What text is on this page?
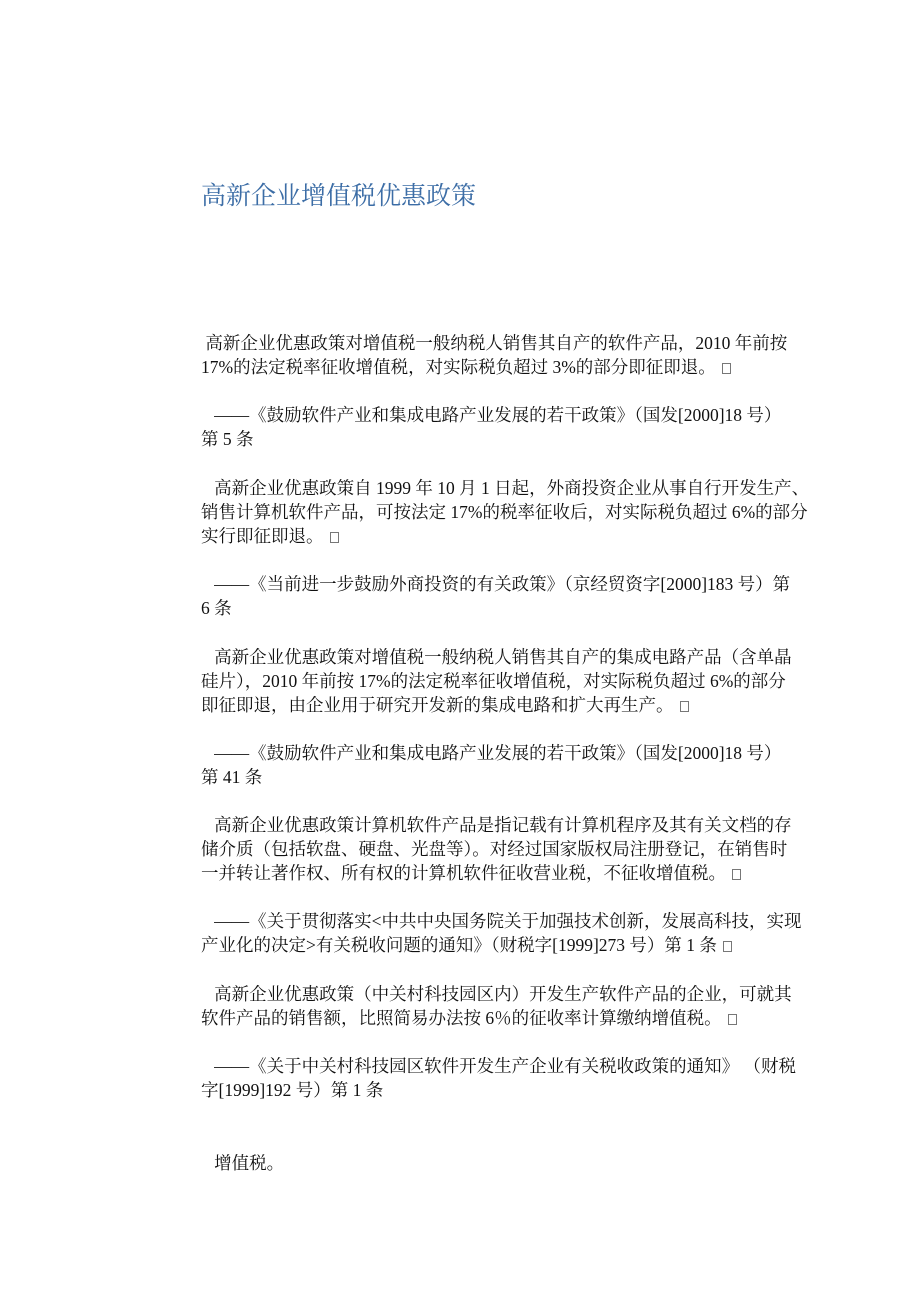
高新企业增值税优惠政策

高新企业优惠政策对增值税一般纳税人销售其自产的软件产品，2010 年前按
17%的法定税率征收增值税，对实际税负超过 3%的部分即征即退。

——《鼓励软件产业和集成电路产业发展的若干政策》（国发[2000]18 号）
第 5 条

高新企业优惠政策自 1999 年 10 月 1 日起，外商投资企业从事自行开发生产、
销售计算机软件产品，可按法定 17%的税率征收后，对实际税负超过 6%的部分
实行即征即退。

——《当前进一步鼓励外商投资的有关政策》（京经贸资字[2000]183 号）第
6 条

高新企业优惠政策对增值税一般纳税人销售其自产的集成电路产品（含单晶
硅片），2010 年前按 17%的法定税率征收增值税，对实际税负超过 6%的部分
即征即退，由企业用于研究开发新的集成电路和扩大再生产。

——《鼓励软件产业和集成电路产业发展的若干政策》（国发[2000]18 号）
第 41 条

高新企业优惠政策计算机软件产品是指记载有计算机程序及其有关文档的存
储介质（包括软盘、硬盘、光盘等）。对经过国家版权局注册登记，在销售时
一并转让著作权、所有权的计算机软件征收营业税，不征收增值税。

——《关于贯彻落实<中共中央国务院关于加强技术创新，发展高科技，实现
产业化的决定>有关税收问题的通知》（财税字[1999]273 号）第 1 条

高新企业优惠政策（中关村科技园区内）开发生产软件产品的企业，可就其
软件产品的销售额，比照简易办法按 6％的征收率计算缴纳增值税。

——《关于中关村科技园区软件开发生产企业有关税收政策的通知》 （财税
字[1999]192 号）第 1 条

增值税。
